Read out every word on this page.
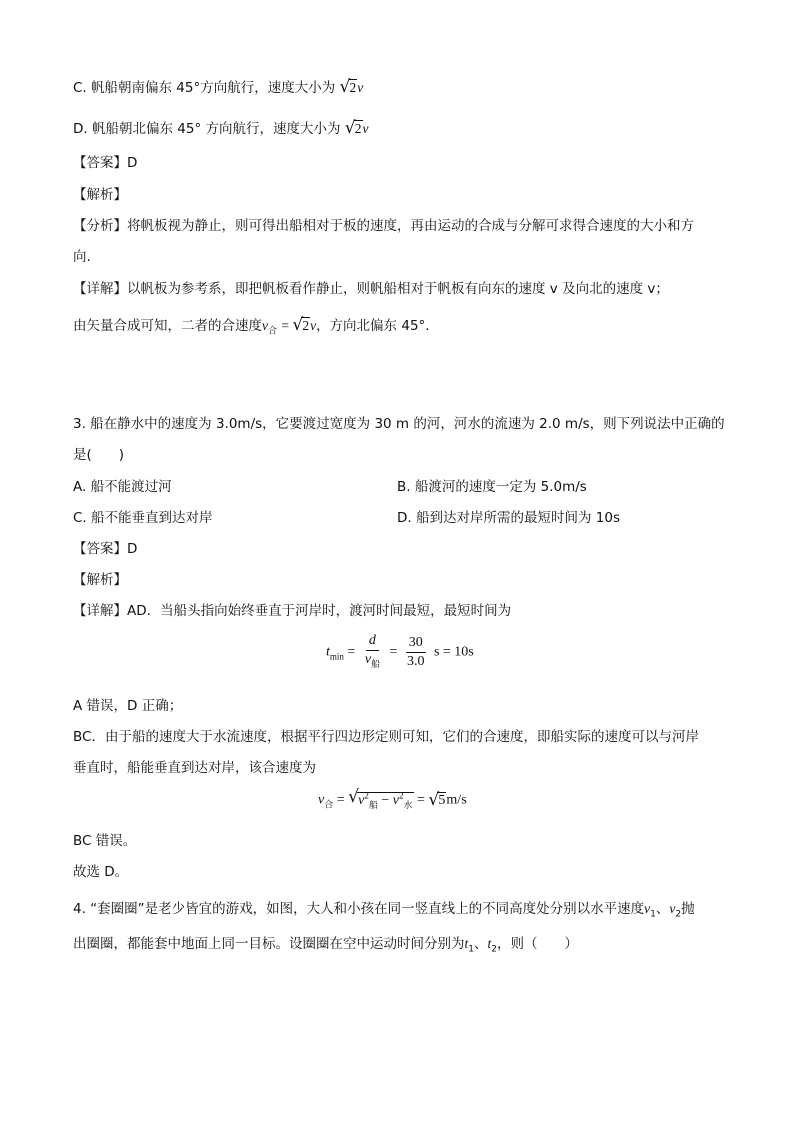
C. 帆船朝南偏东 45°方向航行，速度大小为 √ 2v
D. 帆船朝北偏东 45° 方向航行，速度大小为 √ 2v
【答案】D
【解析】
【分析】将帆板视为静止，则可得出船相对于板的速度，再由运动的合成与分解可求得合速度的大小和方
向.
【详解】以帆板为参考系，即把帆板看作静止，则帆船相对于帆板有向东的速度 v 及向北的速度 v；
由矢量合成可知，二者的合速度$v_合$ = √ 2v，方向北偏东 45°．
3. 船在静水中的速度为 3.0m/s，它要渡过宽度为 30 m 的河，河水的流速为 2.0 m/s，则下列说法中正确的
是(　　)
A. 船不能渡过河	B. 船渡河的速度一定为 5.0m/s
C. 船不能垂直到达对岸	D. 船到达对岸所需的最短时间为 10s
【答案】D
【解析】
【详解】AD．当船头指向始终垂直于河岸时，渡河时间最短，最短时间为
$t_{min} = \frac{d}{v_船} = \frac{30}{3.0}$ s = 10s
A 错误，D 正确；
BC．由于船的速度大于水流速度，根据平行四边形定则可知，它们的合速度，即船实际的速度可以与河岸
垂直时，船能垂直到达对岸，该合速度为
$v_合$ = √ $v^2_船 - v^2_水$ = √ 5m/s
BC 错误。
故选 D。
4. “套圈圈”是老少皆宜的游戏，如图，大人和小孩在同一竖直线上的不同高度处分别以水平速度$v_1$、$v_2$抛
出圈圈，都能套中地面上同一目标。设圈圈在空中运动时间分别为$t_1$、$t_2$，则（　　）
